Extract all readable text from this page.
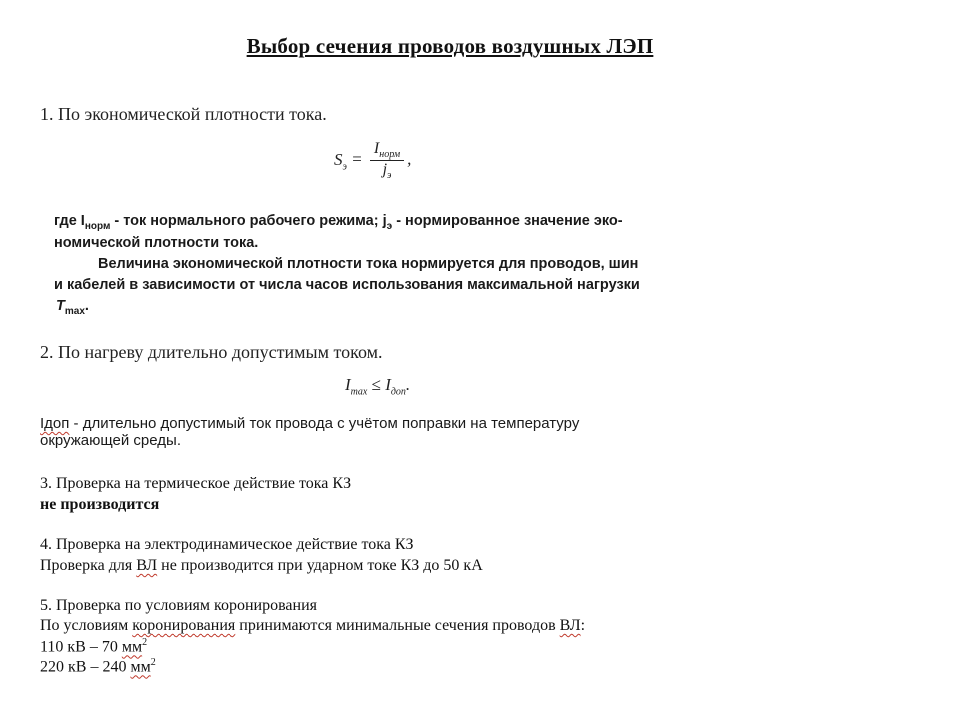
Выбор сечения проводов воздушных ЛЭП
1. По экономической плотности тока.
$S_э = \frac{I_{норм}}{j_э}$ ,
где $I_{норм}$ - ток нормального рабочего режима; $j_э$ - нормированное значение эко-
номической плотности тока.
Величина экономической плотности тока нормируется для проводов, шин
и кабелей в зависимости от числа часов использования максимальной нагрузки
$T_{max}$.
2. По нагреву длительно допустимым током.
$I_{max} \le I_{доп}$.
Iдоп - длительно допустимый ток провода с учётом поправки на температуру
окружающей среды.
3. Проверка на термическое действие тока КЗ
не производится
4. Проверка на электродинамическое действие тока КЗ
Проверка для ВЛ не производится при ударном токе КЗ до 50 кА
5. Проверка по условиям коронирования
По условиям коронирования принимаются минимальные сечения проводов ВЛ:
110 кВ – 70 $мм^2$
220 кВ – 240 $мм^2$
